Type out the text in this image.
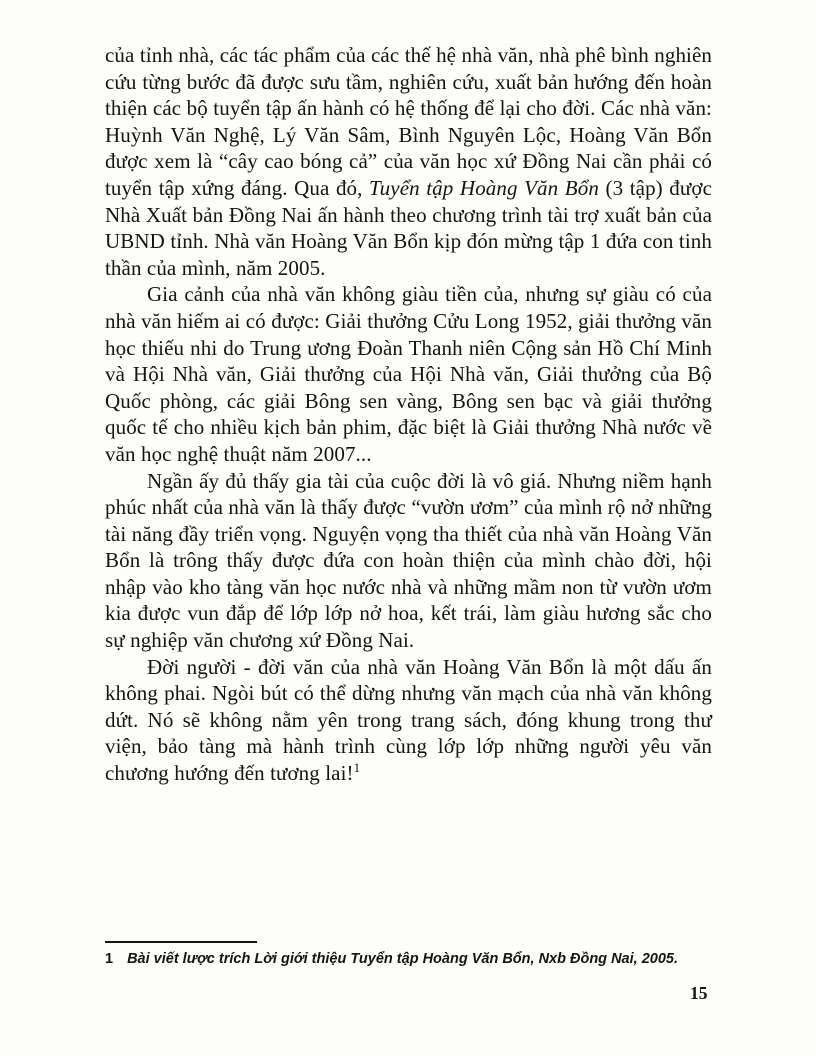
của tỉnh nhà, các tác phẩm của các thế hệ nhà văn, nhà phê bình nghiên cứu từng bước đã được sưu tầm, nghiên cứu, xuất bản hướng đến hoàn thiện các bộ tuyển tập ấn hành có hệ thống để lại cho đời. Các nhà văn: Huỳnh Văn Nghệ, Lý Văn Sâm, Bình Nguyên Lộc, Hoàng Văn Bổn được xem là “cây cao bóng cả” của văn học xứ Đồng Nai cần phải có tuyển tập xứng đáng. Qua đó, Tuyển tập Hoàng Văn Bổn (3 tập) được Nhà Xuất bản Đồng Nai ấn hành theo chương trình tài trợ xuất bản của UBND tỉnh. Nhà văn Hoàng Văn Bổn kịp đón mừng tập 1 đứa con tinh thần của mình, năm 2005.

Gia cảnh của nhà văn không giàu tiền của, nhưng sự giàu có của nhà văn hiếm ai có được: Giải thưởng Cửu Long 1952, giải thưởng văn học thiếu nhi do Trung ương Đoàn Thanh niên Cộng sản Hồ Chí Minh và Hội Nhà văn, Giải thưởng của Hội Nhà văn, Giải thưởng của Bộ Quốc phòng, các giải Bông sen vàng, Bông sen bạc và giải thưởng quốc tế cho nhiều kịch bản phim, đặc biệt là Giải thưởng Nhà nước về văn học nghệ thuật năm 2007...

Ngần ấy đủ thấy gia tài của cuộc đời là vô giá. Nhưng niềm hạnh phúc nhất của nhà văn là thấy được “vườn ươm” của mình rộ nở những tài năng đầy triển vọng. Nguyện vọng tha thiết của nhà văn Hoàng Văn Bổn là trông thấy được đứa con hoàn thiện của mình chào đời, hội nhập vào kho tàng văn học nước nhà và những mầm non từ vườn ươm kia được vun đắp để lớp lớp nở hoa, kết trái, làm giàu hương sắc cho sự nghiệp văn chương xứ Đồng Nai.

Đời người - đời văn của nhà văn Hoàng Văn Bổn là một dấu ấn không phai. Ngòi bút có thể dừng nhưng văn mạch của nhà văn không dứt. Nó sẽ không nằm yên trong trang sách, đóng khung trong thư viện, bảo tàng mà hành trình cùng lớp lớp những người yêu văn chương hướng đến tương lai!$^1$

1 Bài viết lược trích Lời giới thiệu Tuyển tập Hoàng Văn Bổn, Nxb Đồng Nai, 2005.
15
